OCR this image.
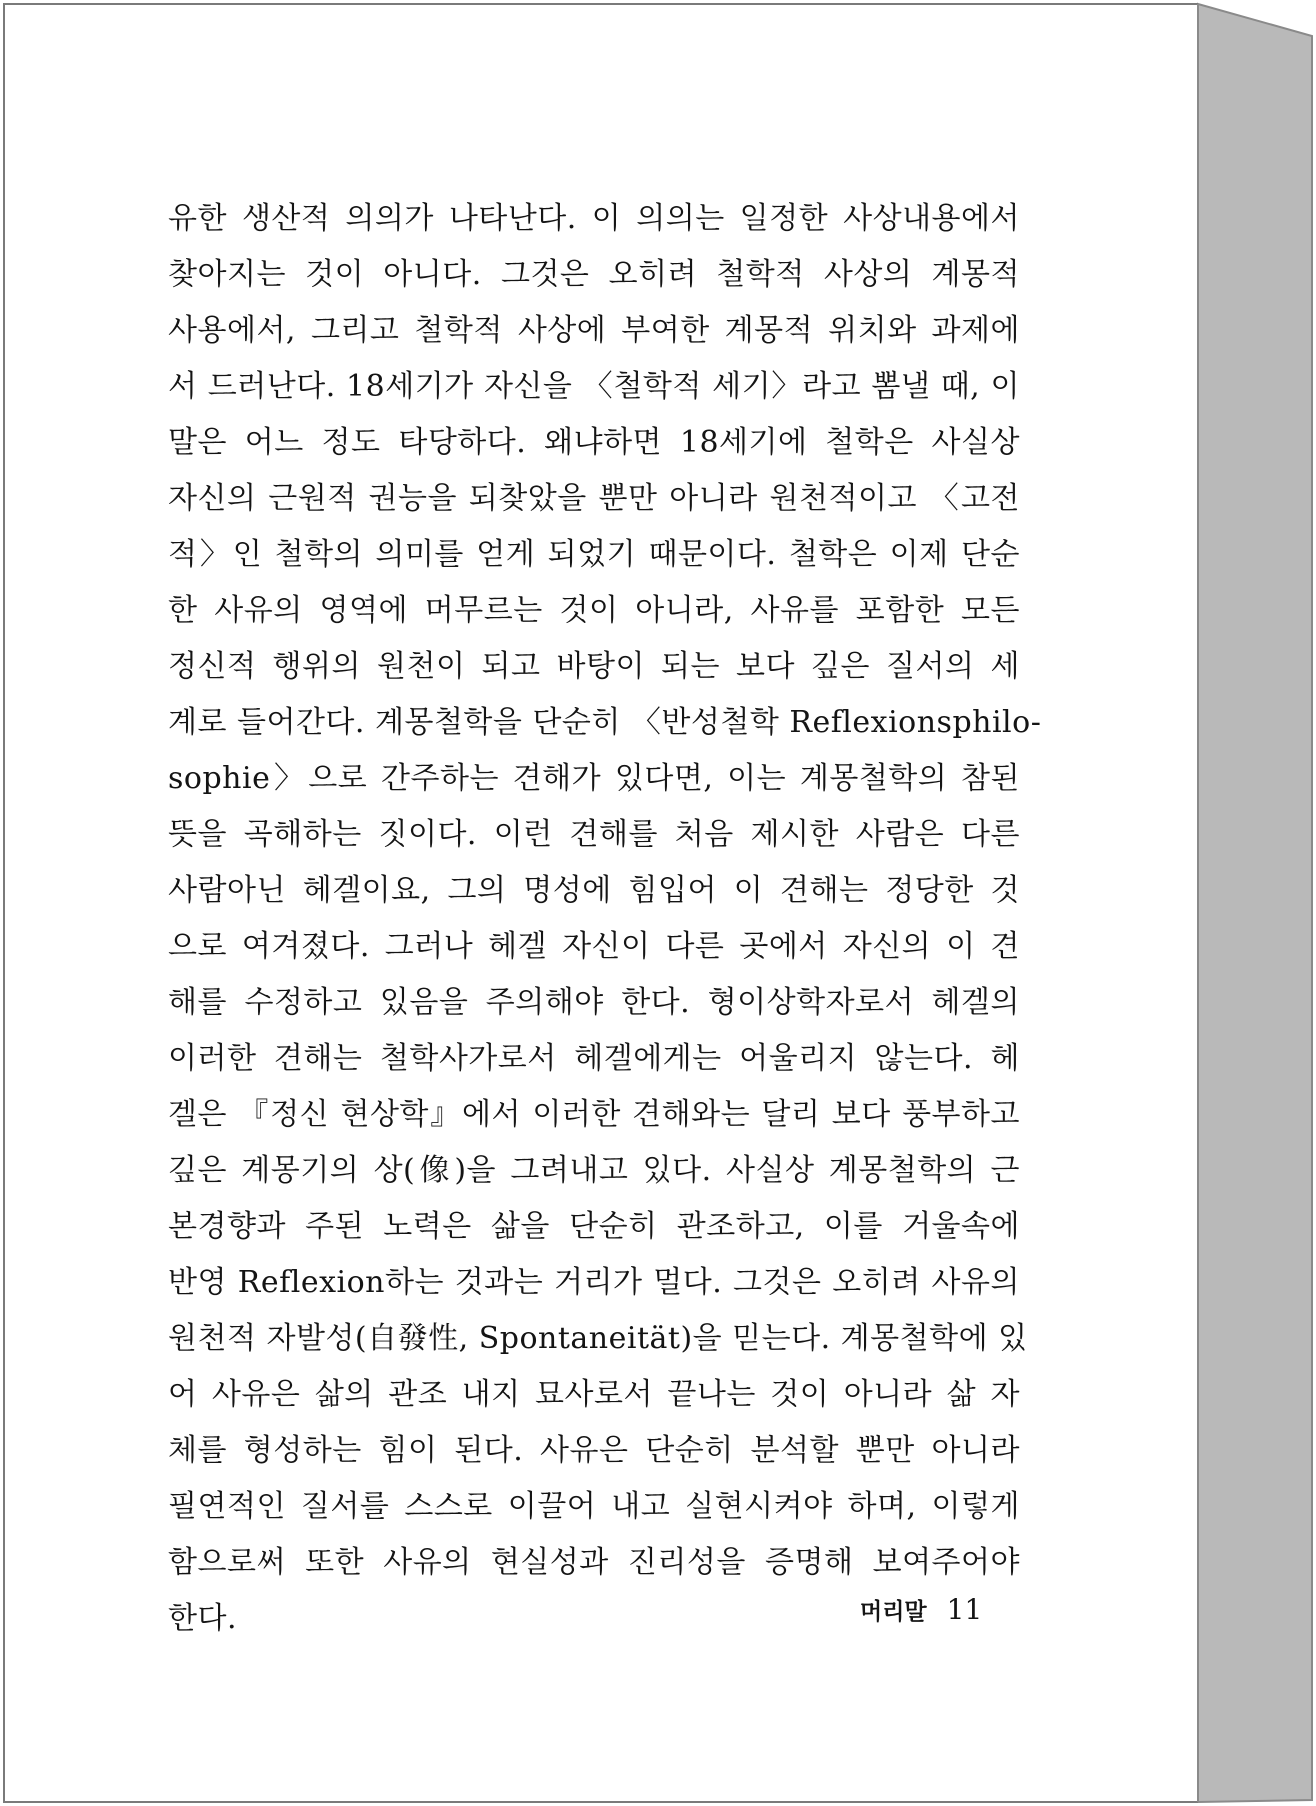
유한 생산적 의의가 나타난다. 이 의의는 일정한 사상내용에서
찾아지는 것이 아니다. 그것은 오히려 철학적 사상의 계몽적
사용에서, 그리고 철학적 사상에 부여한 계몽적 위치와 과제에
서 드러난다. 18세기가 자신을 〈철학적 세기〉라고 뽐낼 때, 이
말은 어느 정도 타당하다. 왜냐하면 18세기에 철학은 사실상
자신의 근원적 권능을 되찾았을 뿐만 아니라 원천적이고 〈고전
적〉인 철학의 의미를 얻게 되었기 때문이다. 철학은 이제 단순
한 사유의 영역에 머무르는 것이 아니라, 사유를 포함한 모든
정신적 행위의 원천이 되고 바탕이 되는 보다 깊은 질서의 세
계로 들어간다. 계몽철학을 단순히 〈반성철학 Reflexionsphilo-
sophie〉으로 간주하는 견해가 있다면, 이는 계몽철학의 참된
뜻을 곡해하는 짓이다. 이런 견해를 처음 제시한 사람은 다른
사람아닌 헤겔이요, 그의 명성에 힘입어 이 견해는 정당한 것
으로 여겨졌다. 그러나 헤겔 자신이 다른 곳에서 자신의 이 견
해를 수정하고 있음을 주의해야 한다. 형이상학자로서 헤겔의
이러한 견해는 철학사가로서 헤겔에게는 어울리지 않는다. 헤
겔은 『정신 현상학』에서 이러한 견해와는 달리 보다 풍부하고
깊은 계몽기의 상(像)을 그려내고 있다. 사실상 계몽철학의 근
본경향과 주된 노력은 삶을 단순히 관조하고, 이를 거울속에
반영 Reflexion하는 것과는 거리가 멀다. 그것은 오히려 사유의
원천적 자발성(自發性, Spontaneität)을 믿는다. 계몽철학에 있
어 사유은 삶의 관조 내지 묘사로서 끝나는 것이 아니라 삶 자
체를 형성하는 힘이 된다. 사유은 단순히 분석할 뿐만 아니라
필연적인 질서를 스스로 이끌어 내고 실현시켜야 하며, 이렇게
함으로써 또한 사유의 현실성과 진리성을 증명해 보여주어야
한다.	머리말 11
